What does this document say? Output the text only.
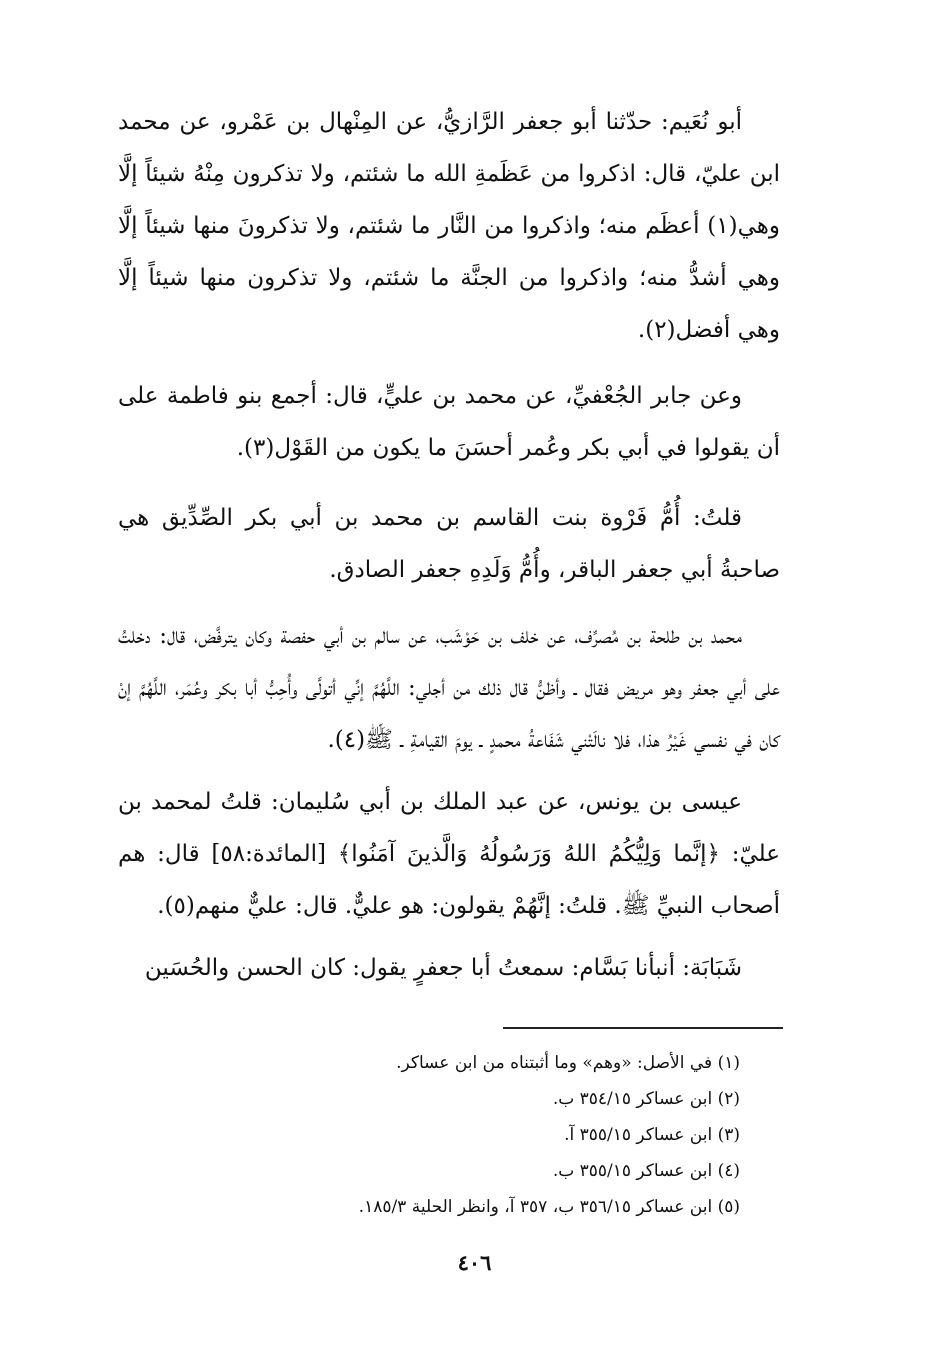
أبو نُعَيم: حدّثنا أبو جعفر الرَّازيُّ، عن المِنْهال بن عَمْرو، عن محمد ابن عليّ، قال: اذكروا من عَظَمةِ الله ما شئتم، ولا تذكرون مِنْهُ شيئاً إلَّا وهي(١) أعظَم منه؛ واذكروا من النَّار ما شئتم، ولا تذكرونَ منها شيئاً إلَّا وهي أشدُّ منه؛ واذكروا من الجنَّة ما شئتم، ولا تذكرون منها شيئاً إلَّا وهي أفضل(٢).

وعن جابر الجُعْفيِّ، عن محمد بن عليٍّ، قال: أجمع بنو فاطمة على أن يقولوا في أبي بكر وعُمر أحسَنَ ما يكون من القَوْل(٣).

قلتُ: أُمُّ فَرْوة بنت القاسم بن محمد بن أبي بكر الصِّدِّيق هي صاحبةُ أبي جعفر الباقر، وأُمُّ وَلَدِهِ جعفر الصادق.

محمد بن طلحة بن مُصرِّف، عن خلف بن حَوْشَب، عن سالم بن أبي حفصة وكان يترفَّض، قال: دخلتُ على أبي جعفر وهو مريض فقال ـ وأظنُّ قال ذلك من أجلي: اللَّهُمَّ إنِّي أتولَّى وأُحِبُّ أبا بكر وعُمَر، اللَّهُمَّ إنْ كان في نفسي غَيْرُ هذا، فلا نالَتْني شَفَاعةُ محمدٍ ـ يومَ القيامةِ ـ ﷺ(٤).

عيسى بن يونس، عن عبد الملك بن أبي سُليمان: قلتُ لمحمد بن عليّ: ﴿إنَّما وَلِيُّكُمُ اللهُ وَرَسُولُهُ وَالَّذينَ آمَنُوا﴾ [المائدة:٥٨] قال: هم أصحاب النبيِّ ﷺ. قلتُ: إنَّهُمْ يقولون: هو عليٌّ. قال: عليٌّ منهم(٥).

شَبَابَة: أنبأنا بَسَّام: سمعتُ أبا جعفرٍ يقول: كان الحسن والحُسَين

(١) في الأصل: «وهم» وما أثبتناه من ابن عساكر.
(٢) ابن عساكر ٣٥٤/١٥ ب.
(٣) ابن عساكر ٣٥٥/١٥ آ.
(٤) ابن عساكر ٣٥٥/١٥ ب.
(٥) ابن عساكر ٣٥٦/١٥ ب، ٣٥٧ آ، وانظر الحلية ١٨٥/٣.
٤٠٦
